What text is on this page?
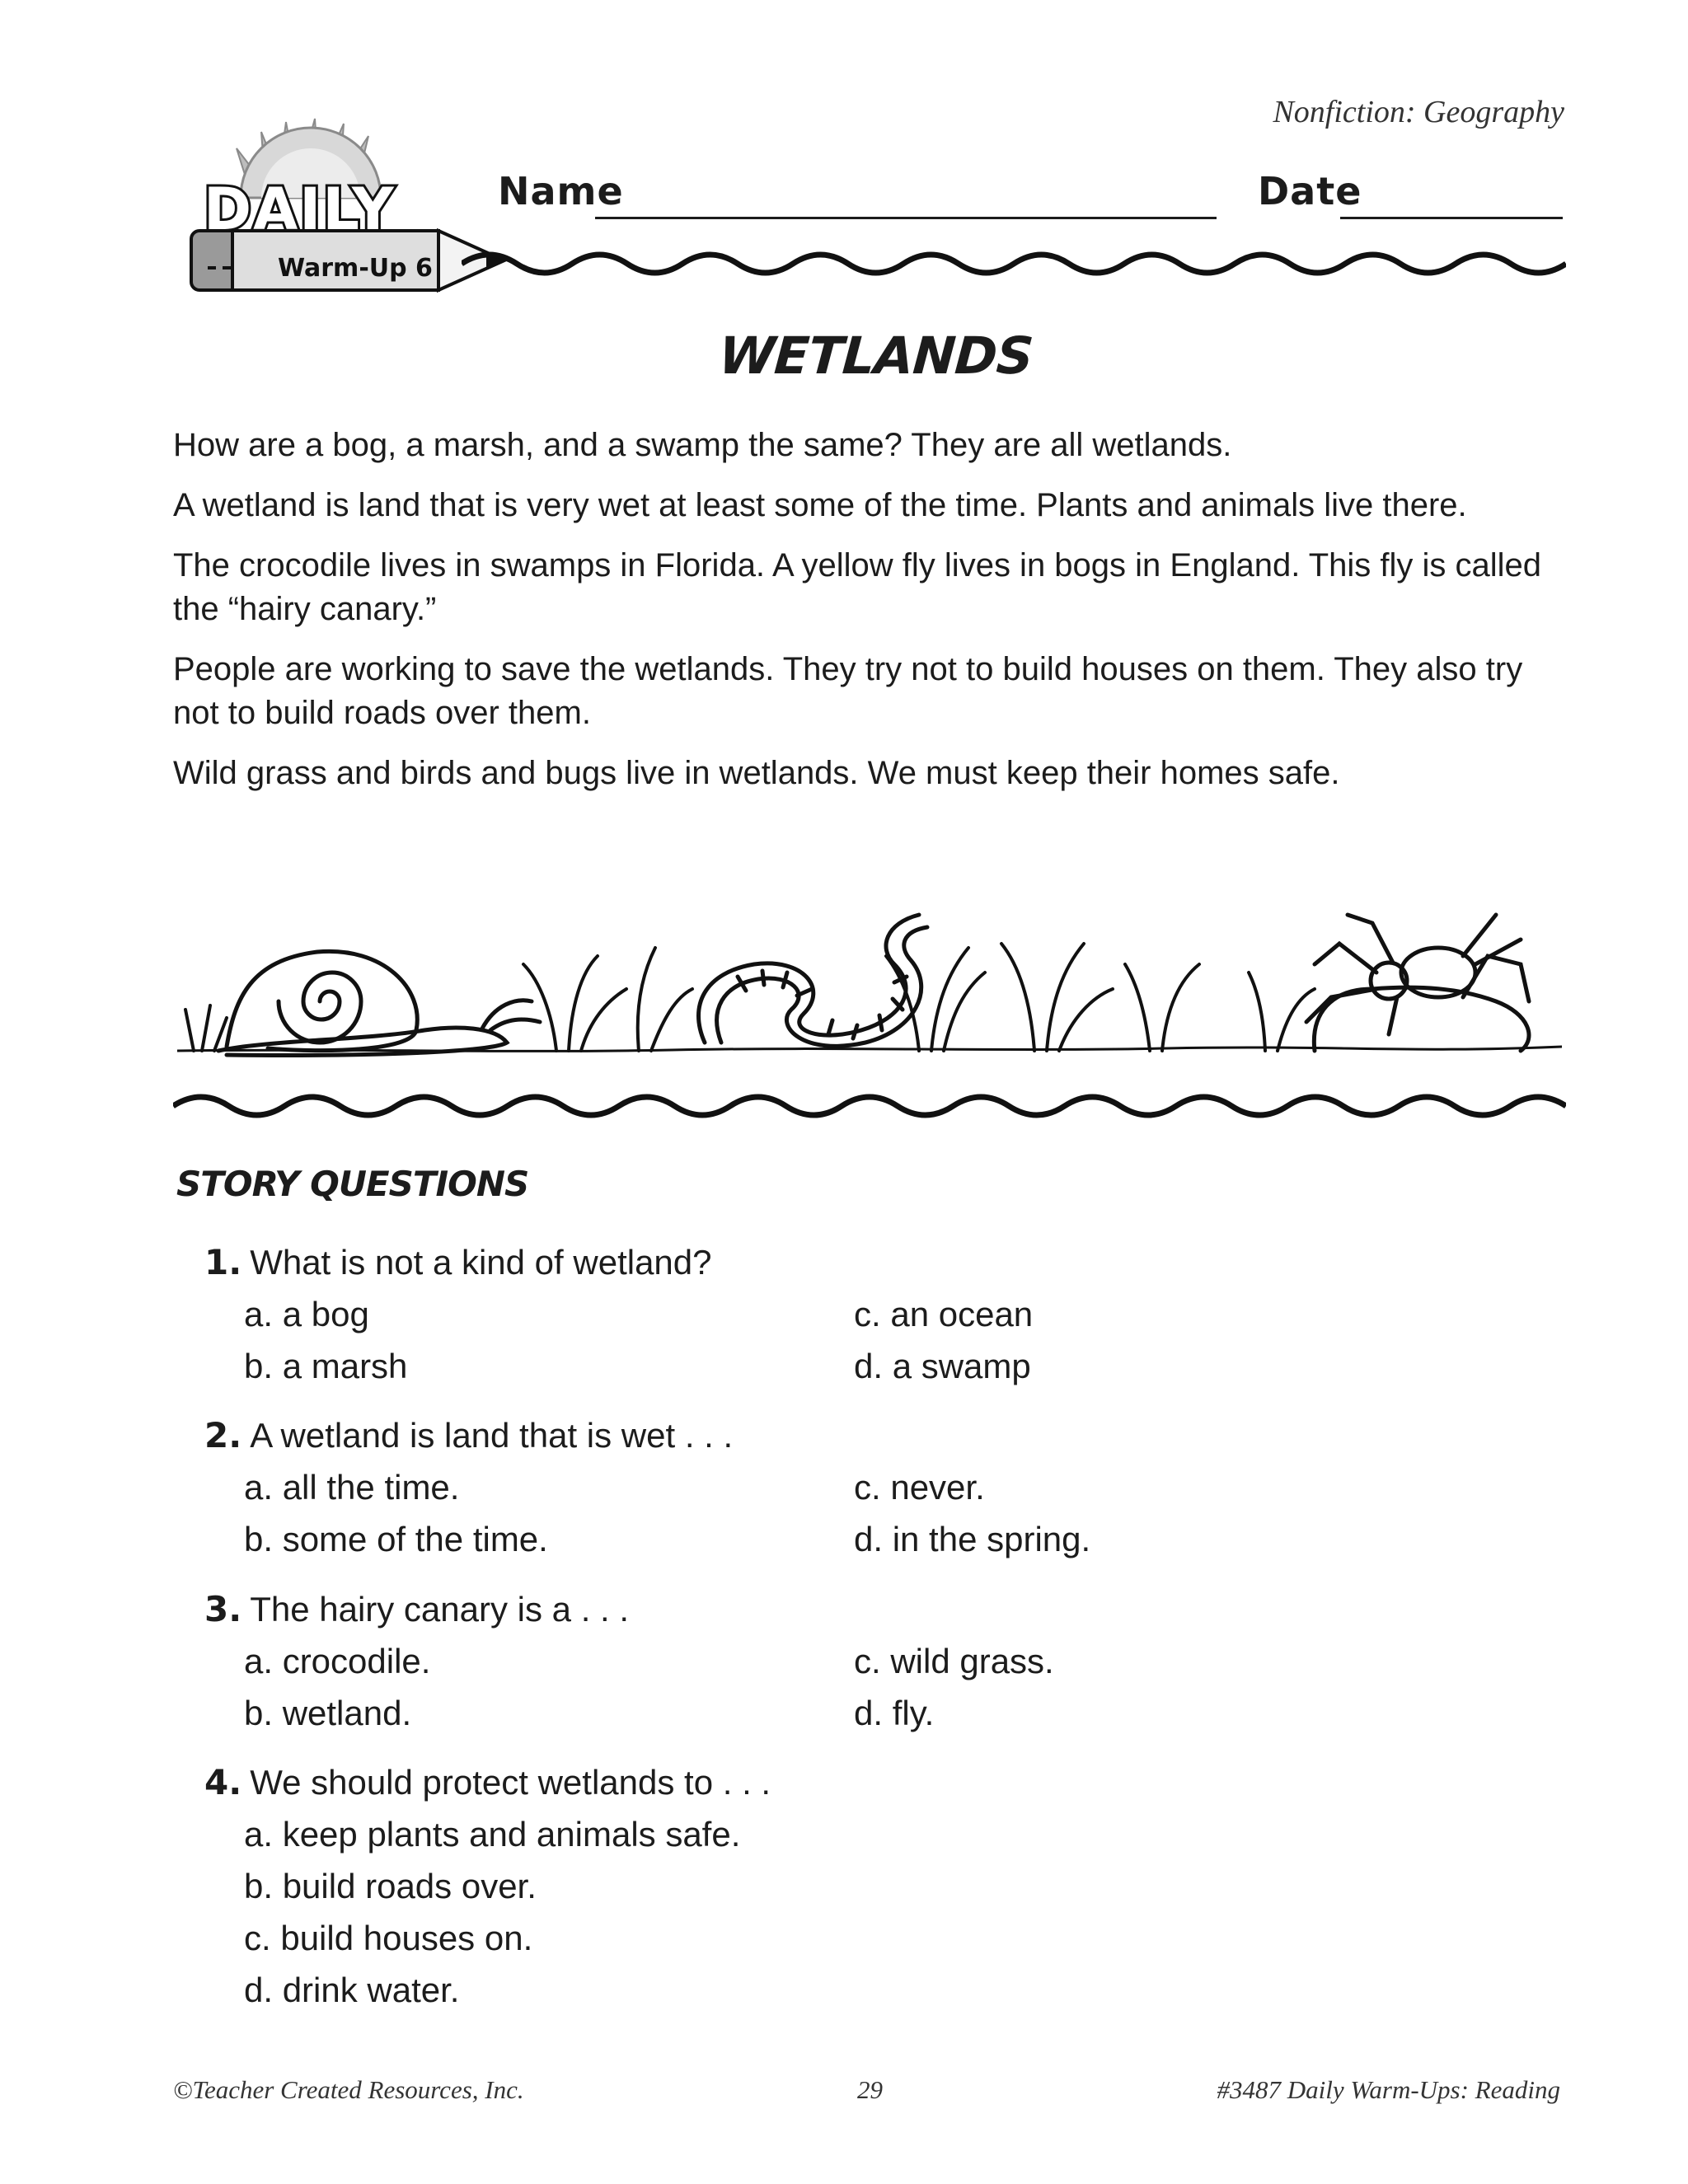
Nonfiction: Geography
DAILY
Warm-Up 6
Name	Date
WETLANDS

How are a bog, a marsh, and a swamp the same? They are all wetlands.

A wetland is land that is very wet at least some of the time. Plants and animals live there.

The crocodile lives in swamps in Florida. A yellow fly lives in bogs in England. This fly is called the “hairy canary.”

People are working to save the wetlands. They try not to build houses on them. They also try not to build roads over them.

Wild grass and birds and bugs live in wetlands. We must keep their homes safe.

STORY QUESTIONS
1. What is not a kind of wetland?
a. a bog	c. an ocean
b. a marsh	d. a swamp
2. A wetland is land that is wet . . .
a. all the time.	c. never.
b. some of the time.	d. in the spring.
3. The hairy canary is a . . .
a. crocodile.	c. wild grass.
b. wetland.	d. fly.
4. We should protect wetlands to . . .
a. keep plants and animals safe.
b. build roads over.
c. build houses on.
d. drink water.
©Teacher Created Resources, Inc.	29	#3487 Daily Warm-Ups: Reading
